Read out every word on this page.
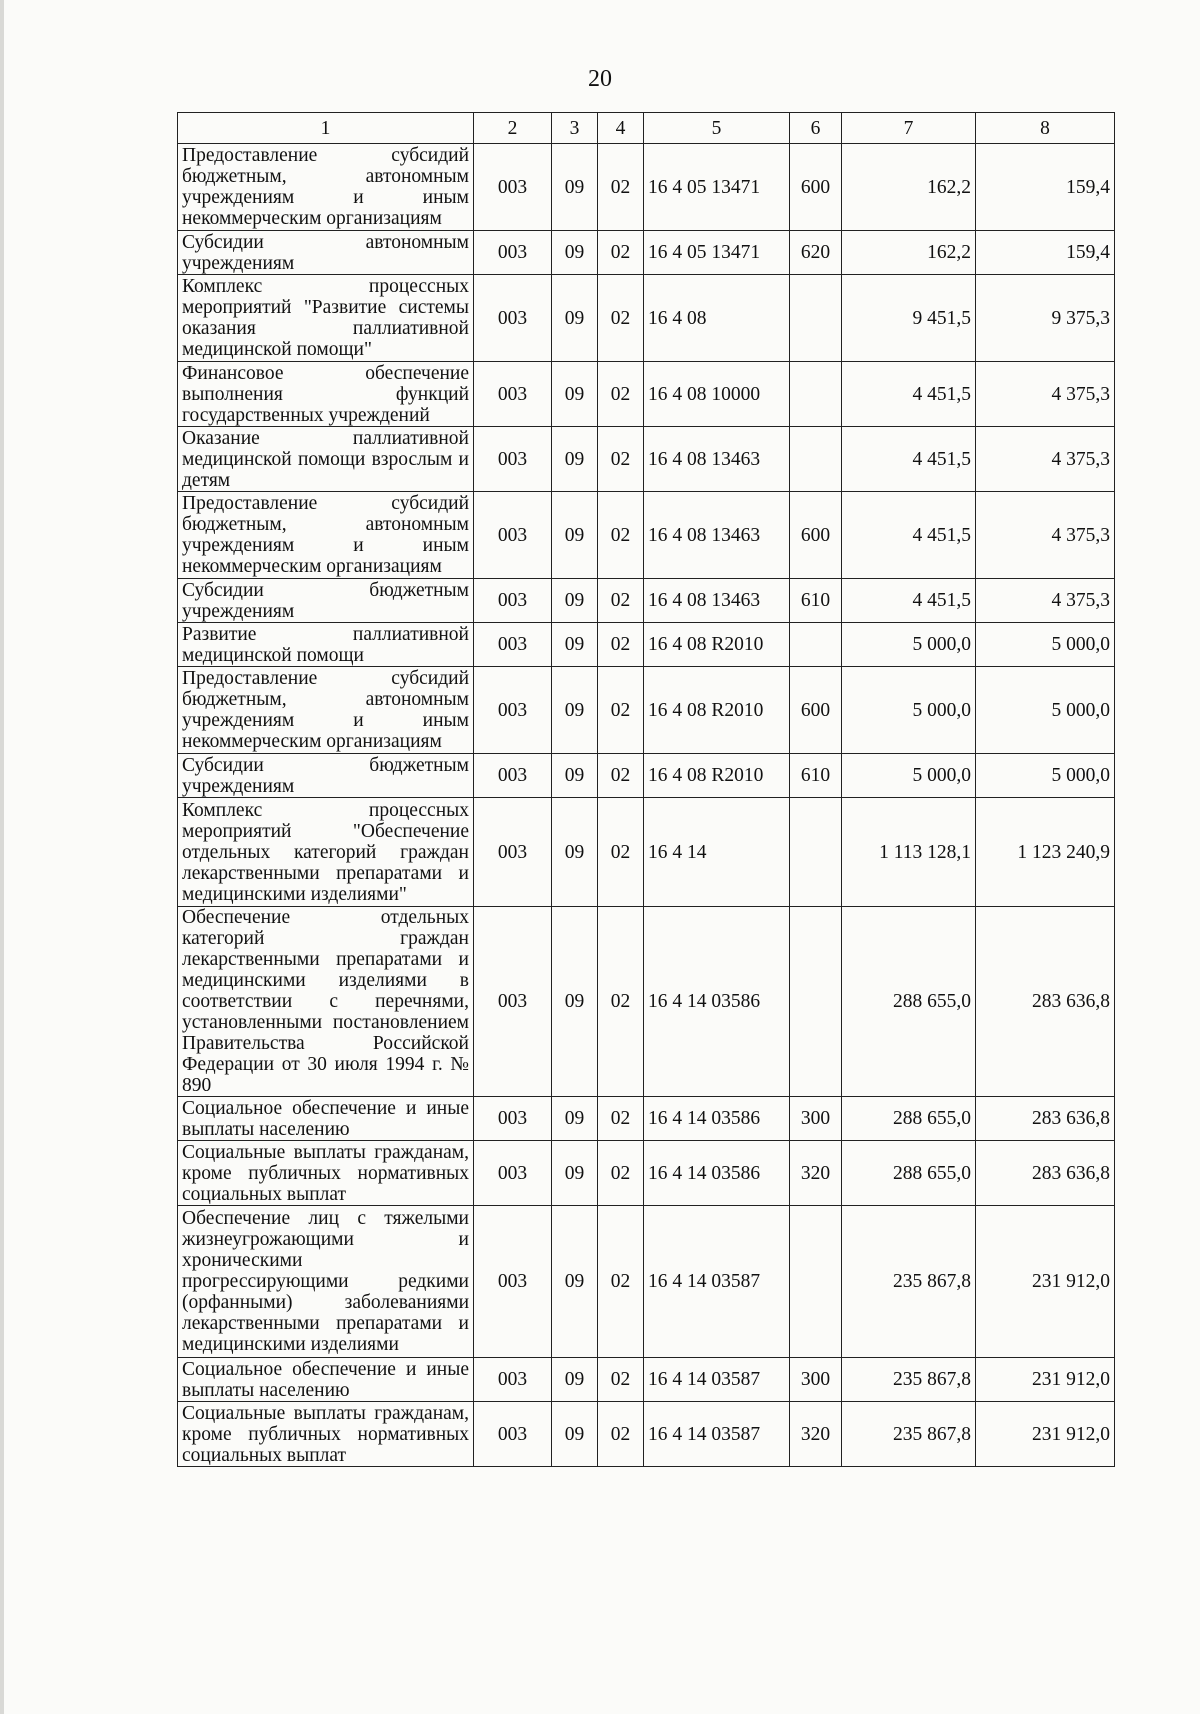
20
1	2	3	4	5	6	7	8
Предоставление субсидий бюджетным, автономным учреждениям и иным некоммерческим организациям	003	09	02	16 4 05 13471	600	162,2	159,4
Субсидии автономным учреждениям	003	09	02	16 4 05 13471	620	162,2	159,4
Комплекс процессных мероприятий "Развитие системы оказания паллиативной медицинской помощи"	003	09	02	16 4 08		9 451,5	9 375,3
Финансовое обеспечение выполнения функций государственных учреждений	003	09	02	16 4 08 10000		4 451,5	4 375,3
Оказание паллиативной медицинской помощи взрослым и детям	003	09	02	16 4 08 13463		4 451,5	4 375,3
Предоставление субсидий бюджетным, автономным учреждениям и иным некоммерческим организациям	003	09	02	16 4 08 13463	600	4 451,5	4 375,3
Субсидии бюджетным учреждениям	003	09	02	16 4 08 13463	610	4 451,5	4 375,3
Развитие паллиативной медицинской помощи	003	09	02	16 4 08 R2010		5 000,0	5 000,0
Предоставление субсидий бюджетным, автономным учреждениям и иным некоммерческим организациям	003	09	02	16 4 08 R2010	600	5 000,0	5 000,0
Субсидии бюджетным учреждениям	003	09	02	16 4 08 R2010	610	5 000,0	5 000,0
Комплекс процессных мероприятий "Обеспечение отдельных категорий граждан лекарственными препаратами и медицинскими изделиями"	003	09	02	16 4 14		1 113 128,1	1 123 240,9
Обеспечение отдельных категорий граждан лекарственными препаратами и медицинскими изделиями в соответствии с перечнями, установленными постановлением Правительства Российской Федерации от 30 июля 1994 г. № 890	003	09	02	16 4 14 03586		288 655,0	283 636,8
Социальное обеспечение и иные выплаты населению	003	09	02	16 4 14 03586	300	288 655,0	283 636,8
Социальные выплаты гражданам, кроме публичных нормативных социальных выплат	003	09	02	16 4 14 03586	320	288 655,0	283 636,8
Обеспечение лиц с тяжелыми жизнеугрожающими и хроническими прогрессирующими редкими (орфанными) заболеваниями лекарственными препаратами и медицинскими изделиями	003	09	02	16 4 14 03587		235 867,8	231 912,0
Социальное обеспечение и иные выплаты населению	003	09	02	16 4 14 03587	300	235 867,8	231 912,0
Социальные выплаты гражданам, кроме публичных нормативных социальных выплат	003	09	02	16 4 14 03587	320	235 867,8	231 912,0
